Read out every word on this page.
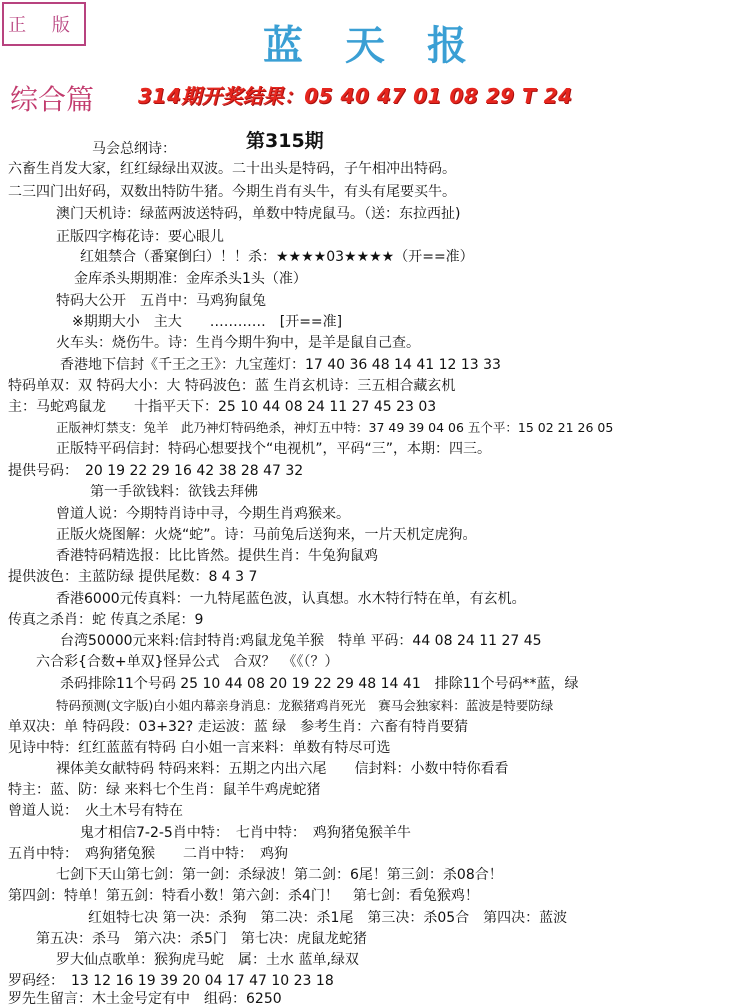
正 版	蓝天报
综合篇 314期开奖结果：05 40 47 01 08 29 T 24
马会总纲诗：	第315期
六畜生肖发大家，红红绿绿出双波。二十出头是特码，子午相冲出特码。
二三四门出好码，双数出特防牛猪。今期生肖有头牛，有头有尾要买牛。
澳门天机诗：绿蓝两波送特码，单数中特虎鼠马。（送：东拉西扯)
正版四字梅花诗：要心眼儿
红姐禁合（番窠倒臼）！！杀：★★★★03★★★★（开==准）
金库杀头期期准：金库杀头1头（准）
特码大公开　五肖中：马鸡狗鼠兔
※期期大小　主大　　…………　[开==准]
火车头：烧伤牛。诗：生肖今期牛狗中，是羊是鼠自己查。
香港地下信封《千王之王》：九宝莲灯：17 40 36 48 14 41 12 13 33
特码单双：双 特码大小：大 特码波色：蓝 生肖玄机诗：三五相合藏玄机
主：马蛇鸡鼠龙　　十指平天下：25 10 44 08 24 11 27 45 23 03
正版神灯禁支：兔羊　此乃神灯特码绝杀，神灯五中特：37 49 39 04 06 五个平：15 02 21 26 05
正版特平码信封：特码心想要找个“电视机”，平码“三”，本期：四三。
提供号码：　20 19 22 29 16 42 38 28 47 32
第一手欲钱料：欲钱去拜佛
曾道人说：今期特肖诗中寻，今期生肖鸡猴来。
正版火烧图解：火烧“蛇”。诗：马前兔后送狗来，一片天机定虎狗。
香港特码精选报：比比皆然。提供生肖：牛兔狗鼠鸡
提供波色：主蓝防绿 提供尾数：8 4 3 7
香港6000元传真料：一九特尾蓝色波，认真想。水木特行特在单，有玄机。
传真之杀肖：蛇 传真之杀尾：9
台湾50000元来料:信封特肖:鸡鼠龙兔羊猴　特单 平码：44 08 24 11 27 45
六合彩{合数+单双}怪异公式　合双？　《《（？）
杀码排除11个号码 25 10 44 08 20 19 22 29 48 14 41　排除11个号码**蓝，绿
特码预测(文字版)白小姐内幕亲身消息：龙猴猪鸡肖死光　赛马会独家料：蓝波是特要防绿
单双决：单 特码段：03+32? 走运波：蓝 绿　参考生肖：六畜有特肖要猜
见诗中特：红红蓝蓝有特码 白小姐一言来料：单数有特尽可选
裸体美女献特码 特码来料：五期之内出六尾　　信封料：小数中特你看看
特主：蓝、防：绿 来料七个生肖：鼠羊牛鸡虎蛇猪
曾道人说：　火土木号有特在
鬼才相信7-2-5肖中特：　七肖中特：　鸡狗猪兔猴羊牛
五肖中特：　鸡狗猪兔猴　　二肖中特：　鸡狗
七剑下天山第七剑：第一剑：杀绿波！第二剑：6尾！第三剑：杀08合！
第四剑：特单！第五剑：特看小数！第六剑：杀4门！　第七剑：看兔猴鸡！
红姐特七决 第一决：杀狗　第二决：杀1尾　第三决：杀05合　第四决：蓝波
第五决：杀马　第六决：杀5门　第七决：虎鼠龙蛇猪
罗大仙点歌单：猴狗虎马蛇　属：土水 蓝单,绿双
罗码经：　13 12 16 19 39 20 04 17 47 10 23 18
罗先生留言：木土金号定有中　组码：6250
